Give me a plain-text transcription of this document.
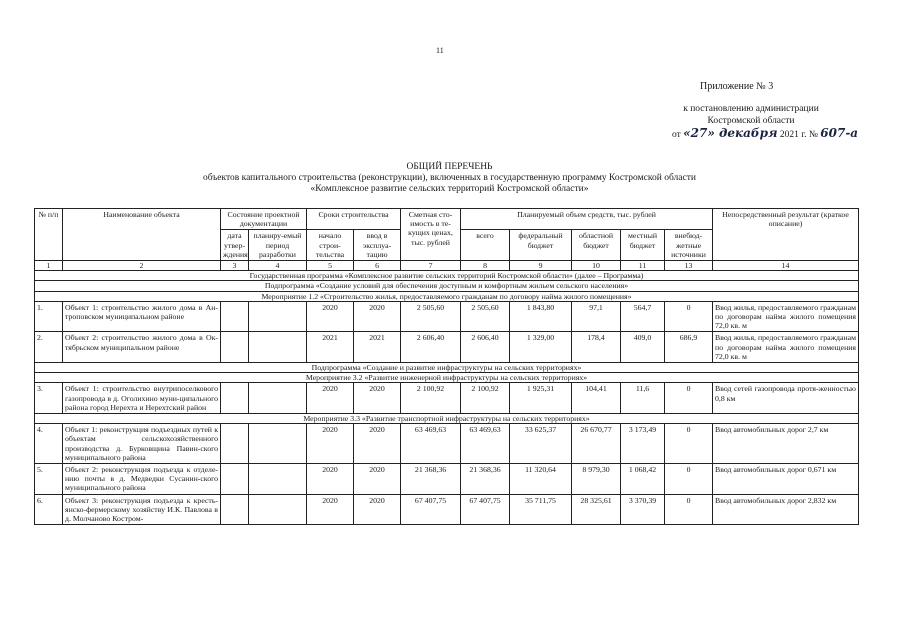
11
Приложение № 3
к постановлению администрации
Костромской области
от «27» декабря 2021 г. № 607-а
ОБЩИЙ ПЕРЕЧЕНЬ
объектов капитального строительства (реконструкции), включенных в государственную программу Костромской области
«Комплексное развитие сельских территорий Костромской области»
№ п/п	Наименование объекта	Состояние проектной документации		Сроки строительства		Сметная сто-имость в те-кущих ценах, тыс. рублей	Планируемый объем средств, тыс. рублей					Непосредственный результат (краткое описание)
		дата утвер-ждения	планиру-емый период разработки	начало строи-тельства	ввод в эксплуа-тацию		всего	федеральный бюджет	областной бюджет	местный бюджет	внебюд-жетные источники	
1	2	3	4	5	6	7	8	9	10	11	13	14
Государственная программа «Комплексное развитие сельских территорий Костромской области» (далее – Программа)												
Подпрограмма «Создание условий для обеспечения доступным и комфортным жильем сельского населения»												
Мероприятие 1.2 «Строительство жилья, предоставляемого гражданам по договору найма жилого помещения»												
1.	Объект 1: строительство жилого дома в Ан-троповском муниципальном районе			2020	2020	2 505,60	2 505,60	1 843,80	97,1	564,7	0	Ввод жилья, предоставляемого гражданам по договорам найма жилого помещения 72,0 кв. м
2.	Объект 2: строительство жилого дома в Ок-тябрьском муниципальном районе			2021	2021	2 606,40	2 606,40	1 329,00	178,4	409,0	686,9	Ввод жилья, предоставляемого гражданам по договорам найма жилого помещения 72,0 кв. м
Подпрограмма «Создание и развитие инфраструктуры на сельских территориях»												
Мероприятие 3.2 «Развитие инженерной инфраструктуры на сельских территориях»												
3.	Объект 1: строительство внутрипоселкового газопровода в д. Оголихино муни-ципального района город Нерехта и Нерехтский район			2020	2020	2 100,92	2 100,92	1 925,31	104,41	11,6	0	Ввод сетей газопровода протя-женностью 0,8 км
Мероприятие 3.3 «Развитие транспортной инфраструктуры на сельских территориях»												
4.	Объект 1: реконструкция подъездных путей к объектам сельскохозяйственного производства д. Бурковщина Павин-ского муниципального района			2020	2020	63 469,63	63 469,63	33 625,37	26 670,77	3 173,49	0	Ввод автомобильных дорог 2,7 км
5.	Объект 2: реконструкция подъезда к отделе-нию почты в д. Медведки Сусанин-ского муниципального района			2020	2020	21 368,36	21 368,36	11 320,64	8 979,30	1 068,42	0	Ввод автомобильных дорог 0,671 км
6.	Объект 3: реконструкция подъезда к кресть-янско-фермерскому хозяйству И.К. Павлова в д. Молчаново Костром-			2020	2020	67 407,75	67 407,75	35 711,75	28 325,61	3 370,39	0	Ввод автомобильных дорог 2,832 км
